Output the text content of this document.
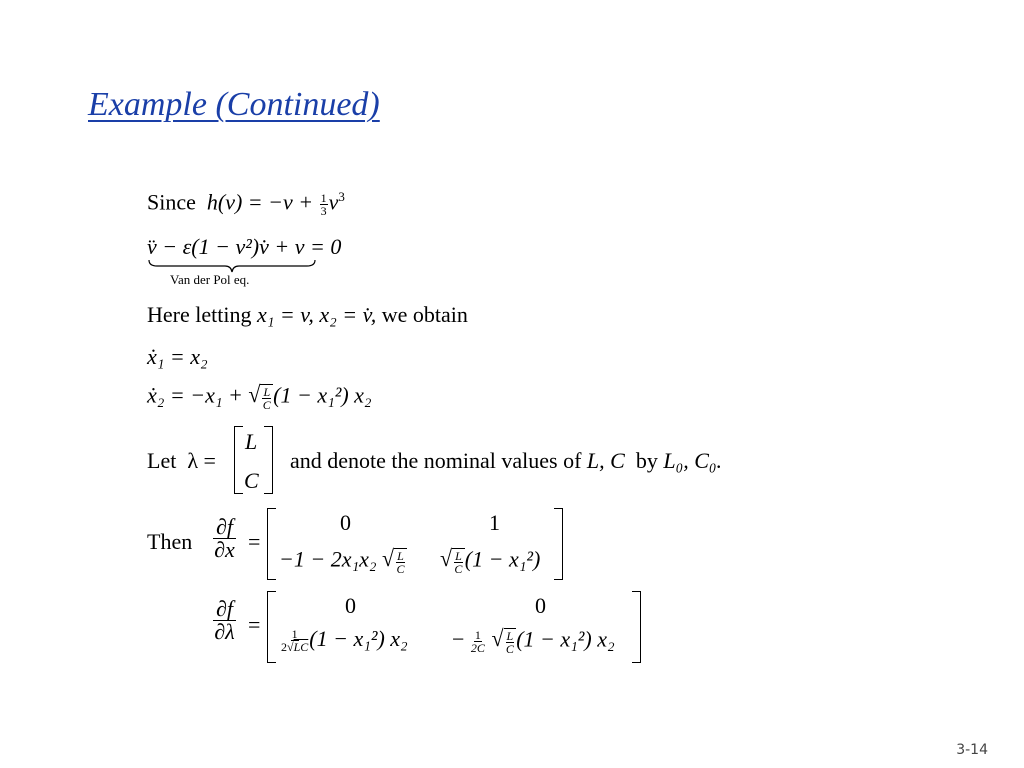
Example (Continued)
Since $h(v) = -v + \frac{1}{3} v^3$
v̈ − ε(1 − v²)v̇ + v = 0
Van der Pol eq.
Here letting x₁ = v, x₂ = v̇, we obtain
ẋ₁ = x₂
ẋ₂ = −x₁ + √ $\frac{L}{C} (1 - x_1^2)$ x₂
Let λ =
L
C
and denote the nominal values of L, C by L₀, C₀.
Then $\frac{\partial f}{\partial x}$ =
0	1
−1 − 2x₁x₂ √ $\frac{L}{C}$ √ $\frac{L}{C} (1 - x_1^2)$
$\frac{\partial f}{\partial\lambda}$ =
0	0
$\frac{1}{2√LC} (1 - x_1^2) x_2 - \frac{1}{2C}$
√ $\frac{L}{C} (1 - x_1^2)$ x₂
3-14
